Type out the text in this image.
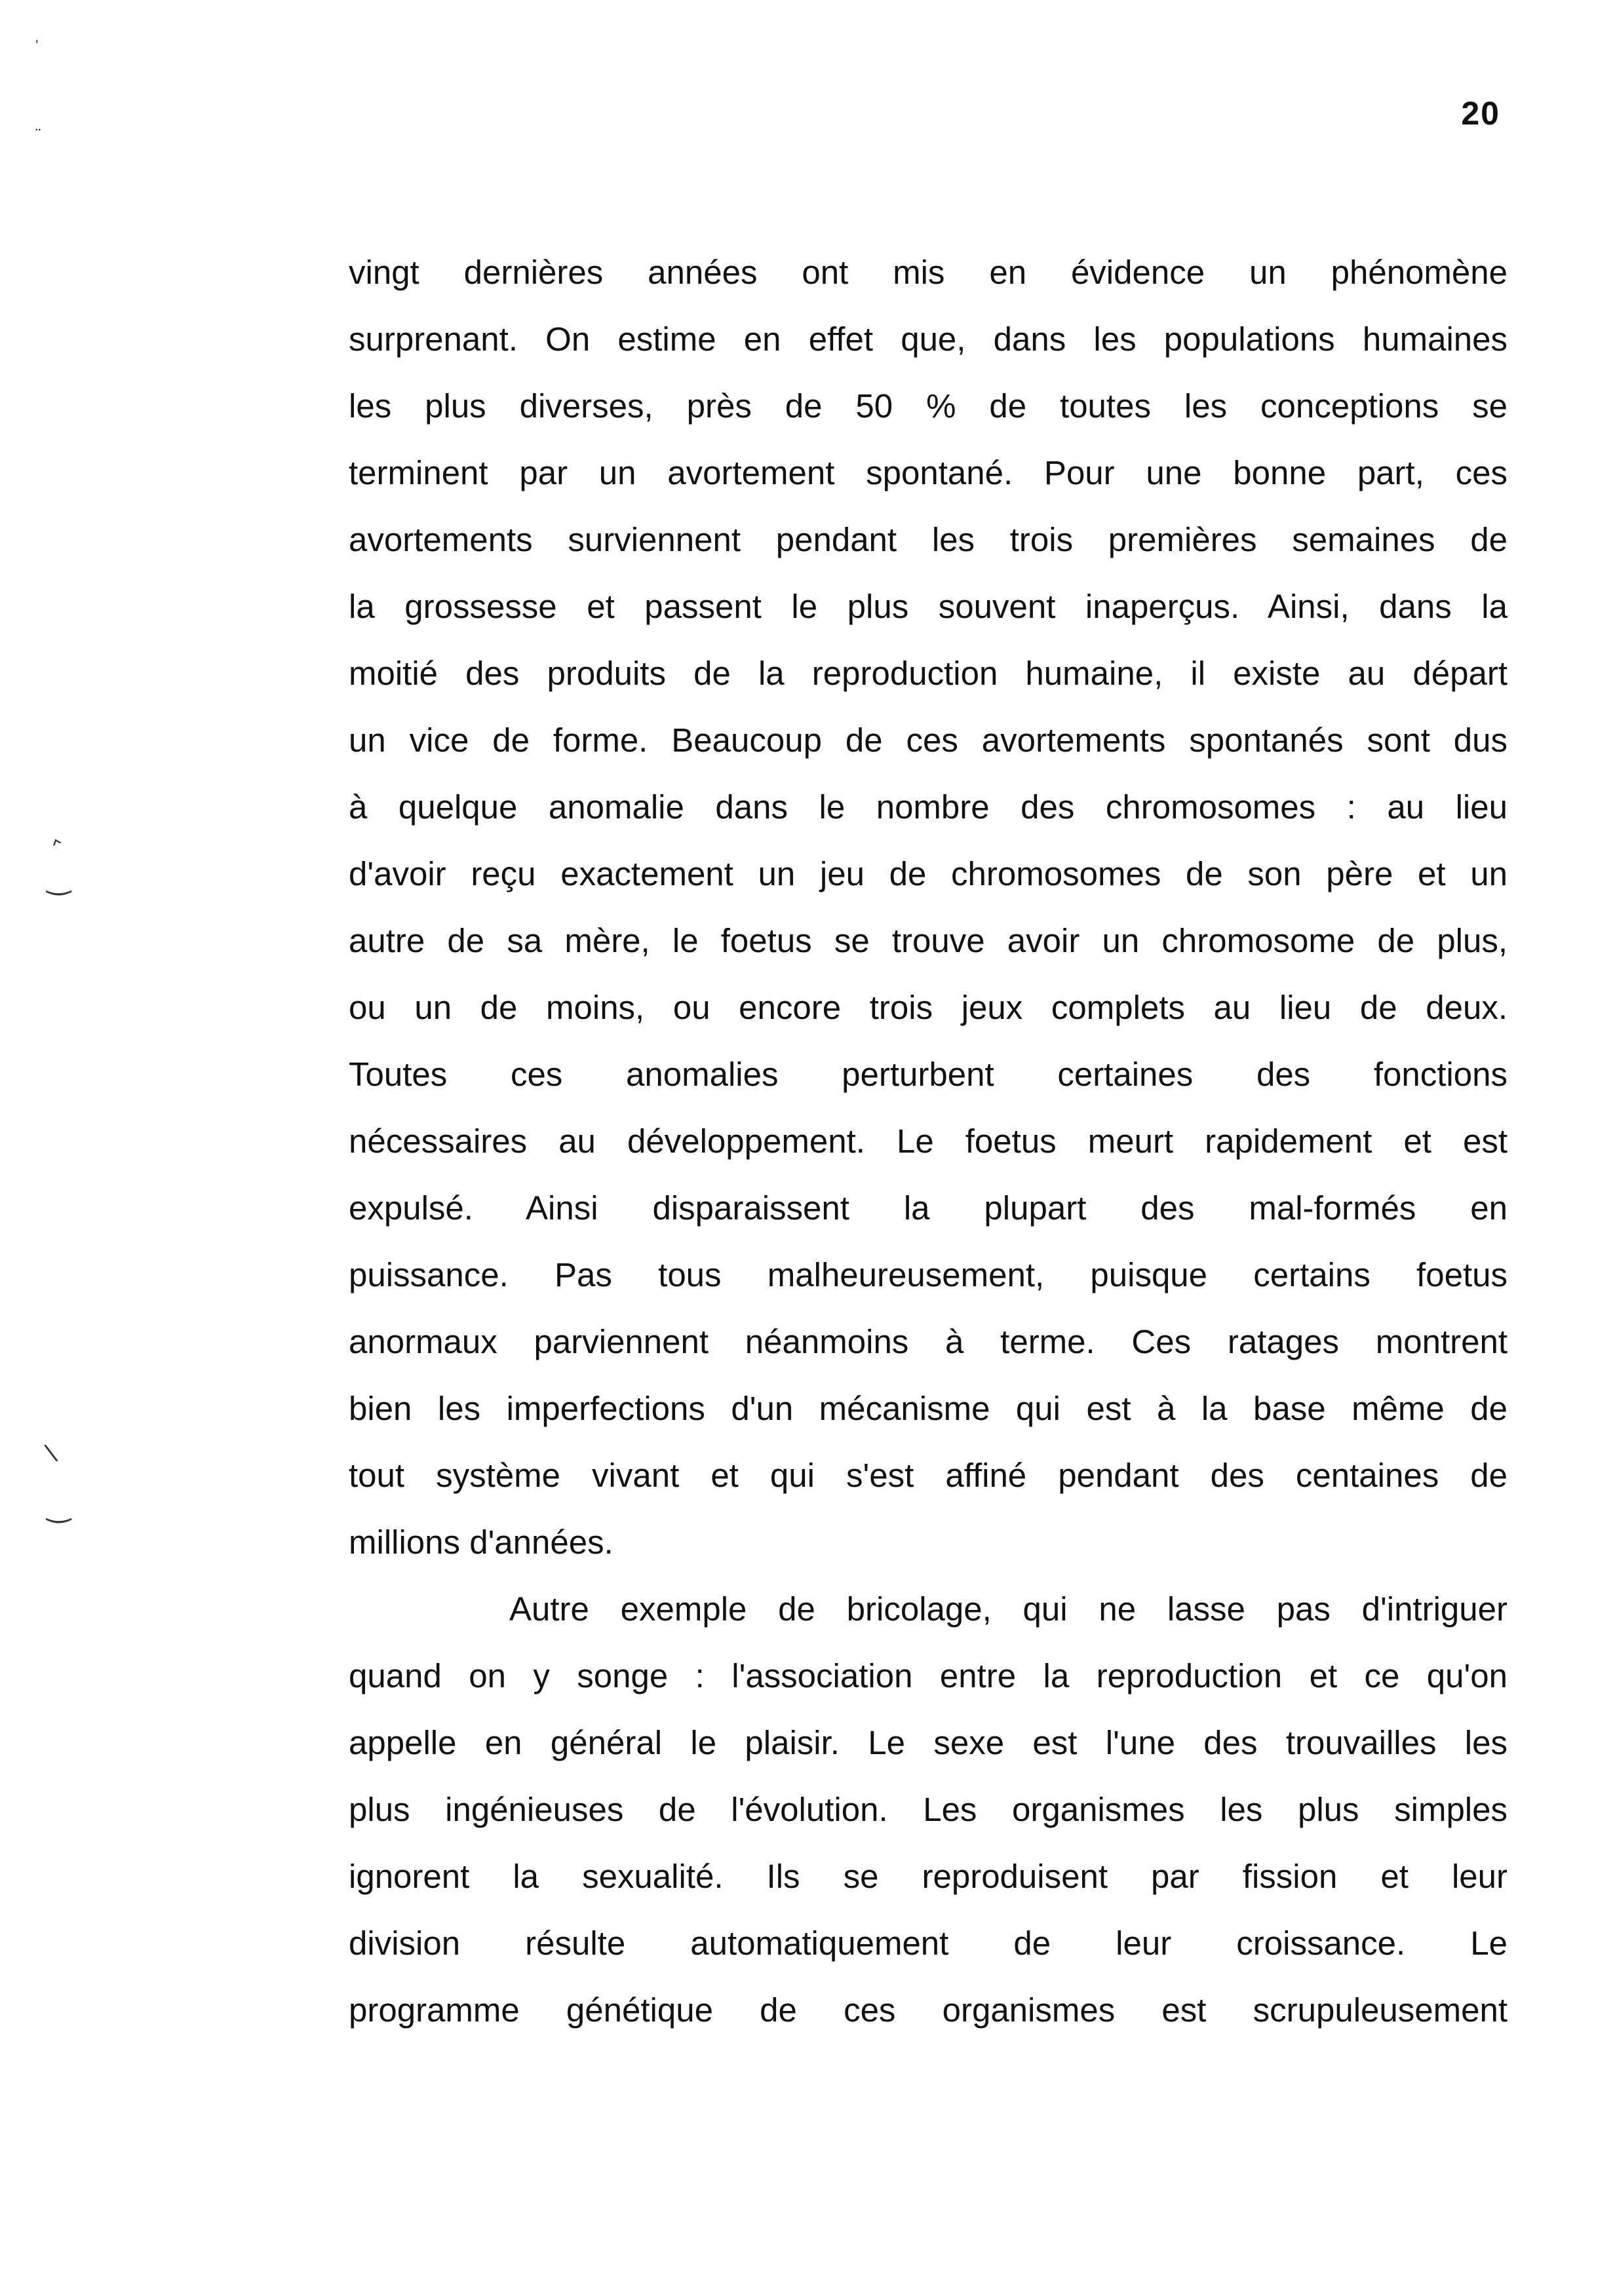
′
¨
‸
‿
\
‿
20
vingt dernières années ont mis en évidence un phénomène
surprenant. On estime en effet que, dans les populations humaines
les plus diverses, près de 50 % de toutes les conceptions se
terminent par un avortement spontané. Pour une bonne part, ces
avortements surviennent pendant les trois premières semaines de
la grossesse et passent le plus souvent inaperçus. Ainsi, dans la
moitié des produits de la reproduction humaine, il existe au départ
un vice de forme. Beaucoup de ces avortements spontanés sont dus
à quelque anomalie dans le nombre des chromosomes : au lieu
d'avoir reçu exactement un jeu de chromosomes de son père et un
autre de sa mère, le foetus se trouve avoir un chromosome de plus,
ou un de moins, ou encore trois jeux complets au lieu de deux.
Toutes ces anomalies perturbent certaines des fonctions
nécessaires au développement. Le foetus meurt rapidement et est
expulsé. Ainsi disparaissent la plupart des mal-formés en
puissance. Pas tous malheureusement, puisque certains foetus
anormaux parviennent néanmoins à terme. Ces ratages montrent
bien les imperfections d'un mécanisme qui est à la base même de
tout système vivant et qui s'est affiné pendant des centaines de
millions d'années.
Autre exemple de bricolage, qui ne lasse pas d'intriguer
quand on y songe : l'association entre la reproduction et ce qu'on
appelle en général le plaisir. Le sexe est l'une des trouvailles les
plus ingénieuses de l'évolution. Les organismes les plus simples
ignorent la sexualité. Ils se reproduisent par fission et leur
division résulte automatiquement de leur croissance. Le
programme génétique de ces organismes est scrupuleusement
